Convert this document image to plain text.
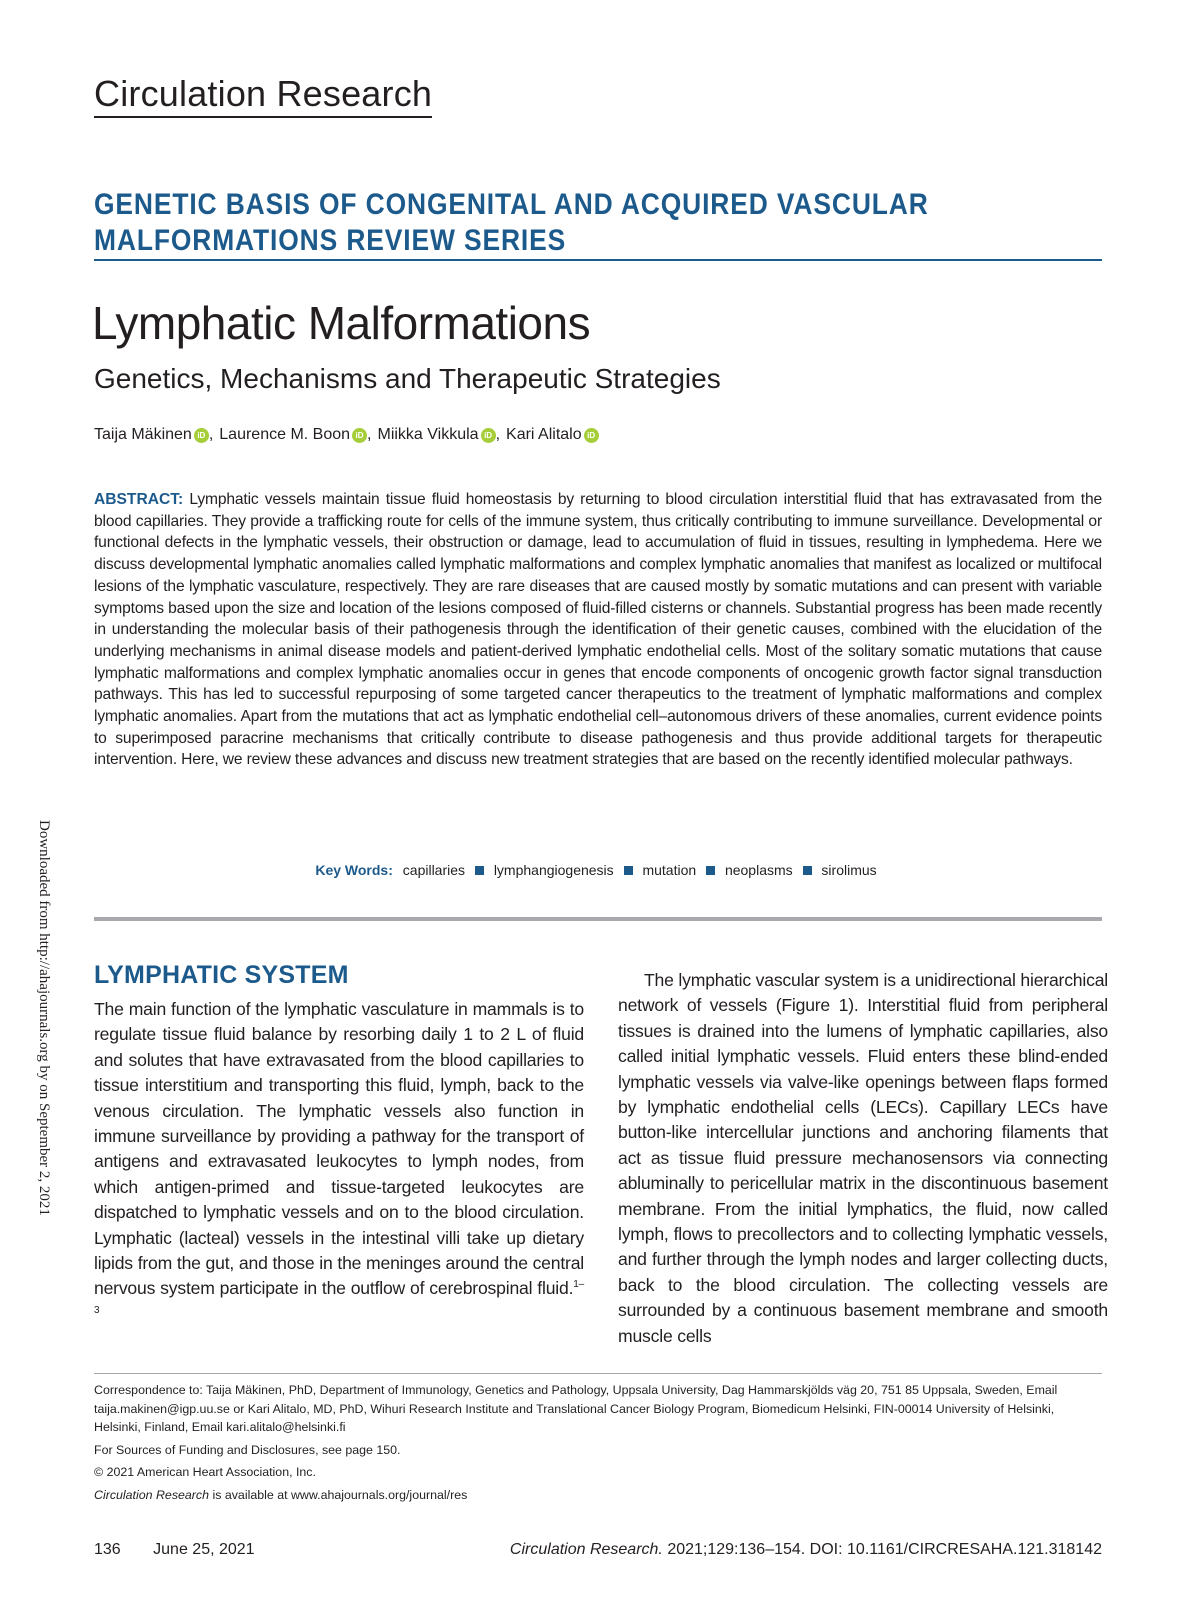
Circulation Research
GENETIC BASIS OF CONGENITAL AND ACQUIRED VASCULAR
MALFORMATIONS REVIEW SERIES
Lymphatic Malformations
Genetics, Mechanisms and Therapeutic Strategies
Taija Mäkinen iD , Laurence M. Boon iD , Miikka Vikkula iD , Kari Alitalo iD
ABSTRACT: Lymphatic vessels maintain tissue fluid homeostasis by returning to blood circulation interstitial fluid that has extravasated from the blood capillaries. They provide a trafficking route for cells of the immune system, thus critically contributing to immune surveillance. Developmental or functional defects in the lymphatic vessels, their obstruction or damage, lead to accumulation of fluid in tissues, resulting in lymphedema. Here we discuss developmental lymphatic anomalies called lymphatic malformations and complex lymphatic anomalies that manifest as localized or multifocal lesions of the lymphatic vasculature, respectively. They are rare diseases that are caused mostly by somatic mutations and can present with variable symptoms based upon the size and location of the lesions composed of fluid-filled cisterns or channels. Substantial progress has been made recently in understanding the molecular basis of their pathogenesis through the identification of their genetic causes, combined with the elucidation of the underlying mechanisms in animal disease models and patient-derived lymphatic endothelial cells. Most of the solitary somatic mutations that cause lymphatic malformations and complex lymphatic anomalies occur in genes that encode components of oncogenic growth factor signal transduction pathways. This has led to successful repurposing of some targeted cancer therapeutics to the treatment of lymphatic malformations and complex lymphatic anomalies. Apart from the mutations that act as lymphatic endothelial cell–autonomous drivers of these anomalies, current evidence points to superimposed paracrine mechanisms that critically contribute to disease pathogenesis and thus provide additional targets for therapeutic intervention. Here, we review these advances and discuss new treatment strategies that are based on the recently identified molecular pathways.
Key Words: capillaries lymphangiogenesis mutation neoplasms sirolimus
Downloaded from http://ahajournals.org by on September 2, 2021 LYMPHATIC SYSTEM

The main function of the lymphatic vasculature in mammals is to regulate tissue fluid balance by resorbing daily 1 to 2 L of fluid and solutes that have extravasated from the blood capillaries to tissue interstitium and transporting this fluid, lymph, back to the venous circulation. The lymphatic vessels also function in immune surveillance by providing a pathway for the transport of antigens and extravasated leukocytes to lymph nodes, from which antigen-primed and tissue-targeted leukocytes are dispatched to lymphatic vessels and on to the blood circulation. Lymphatic (lacteal) vessels in the intestinal villi take up dietary lipids from the gut, and those in the meninges around the central nervous system participate in the outflow of cerebrospinal fluid.$^{1-3}$

The lymphatic vascular system is a unidirectional hierarchical network of vessels (Figure 1). Interstitial fluid from peripheral tissues is drained into the lumens of lymphatic capillaries, also called initial lymphatic vessels. Fluid enters these blind-ended lymphatic vessels via valve-like openings between flaps formed by lymphatic endothelial cells (LECs). Capillary LECs have button-like intercellular junctions and anchoring filaments that act as tissue fluid pressure mechanosensors via connecting abluminally to pericellular matrix in the discontinuous basement membrane. From the initial lymphatics, the fluid, now called lymph, flows to precollectors and to collecting lymphatic vessels, and further through the lymph nodes and larger collecting ducts, back to the blood circulation. The collecting vessels are surrounded by a continuous basement membrane and smooth muscle cells

Correspondence to: Taija Mäkinen, PhD, Department of Immunology, Genetics and Pathology, Uppsala University, Dag Hammarskjölds väg 20, 751 85 Uppsala, Sweden, Email taija.makinen@igp.uu.se or Kari Alitalo, MD, PhD, Wihuri Research Institute and Translational Cancer Biology Program, Biomedicum Helsinki, FIN-00014 University of Helsinki, Helsinki, Finland, Email kari.alitalo@helsinki.fi

For Sources of Funding and Disclosures, see page 150.

© 2021 American Heart Association, Inc.

Circulation Research is available at www.ahajournals.org/journal/res

136 June 25, 2021	Circulation Research. 2021;129:136–154. DOI: 10.1161/CIRCRESAHA.121.318142
